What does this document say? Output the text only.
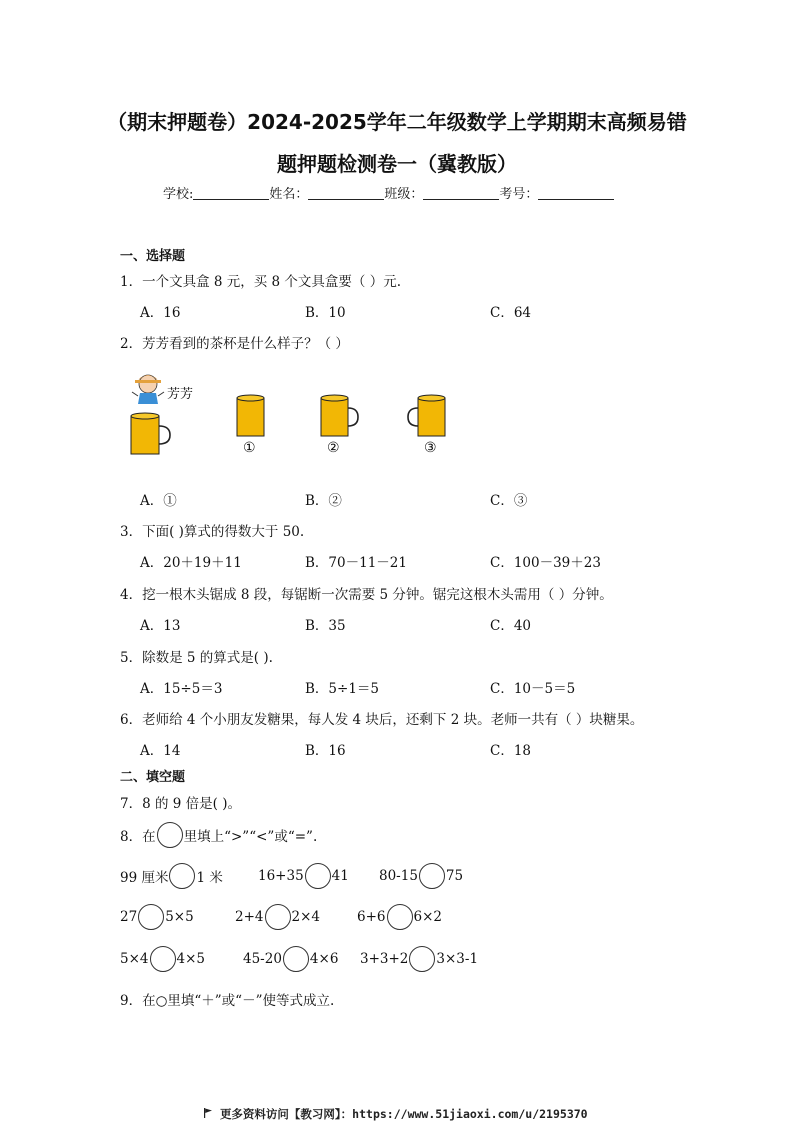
（期末押题卷）2024-2025学年二年级数学上学期期末高频易错
题押题检测卷一（冀教版）
学校:	姓名：	班级：	考号：
一、选择题
1．一个文具盒 8 元，买 8 个文具盒要（ ）元.
A．16	B．10	C．64
2．芳芳看到的茶杯是什么样子？（ ）
芳芳
①	②	③
A．①	B．②	C．③
3．下面( )算式的得数大于 50.
A．20＋19＋11	B．70－11－21	C．100－39＋23
4．挖一根木头锯成 8 段，每锯断一次需要 5 分钟。锯完这根木头需用（ ）分钟。
A．13	B．35	C．40
5．除数是 5 的算式是( ).
A．15÷5＝3	B．5÷1＝5	C．10－5＝5
6．老师给 4 个小朋友发糖果，每人发 4 块后，还剩下 2 块。老师一共有（ ）块糖果。
A．14	B．16	C．18
二、填空题
7．8 的 9 倍是( )。
8．在 里填上“>”“<”或“=”.
99 厘米 1 米	16+35 41 80-15 75
27 5×5	2+4 2×4	6+6 6×2
5×4 4×5	45-20 4×6 3+3+2 3×3-1
9．在○里填“＋”或“－”使等式成立.
更多资料访问【教习网】：https://www.51jiaoxi.com/u/2195370
